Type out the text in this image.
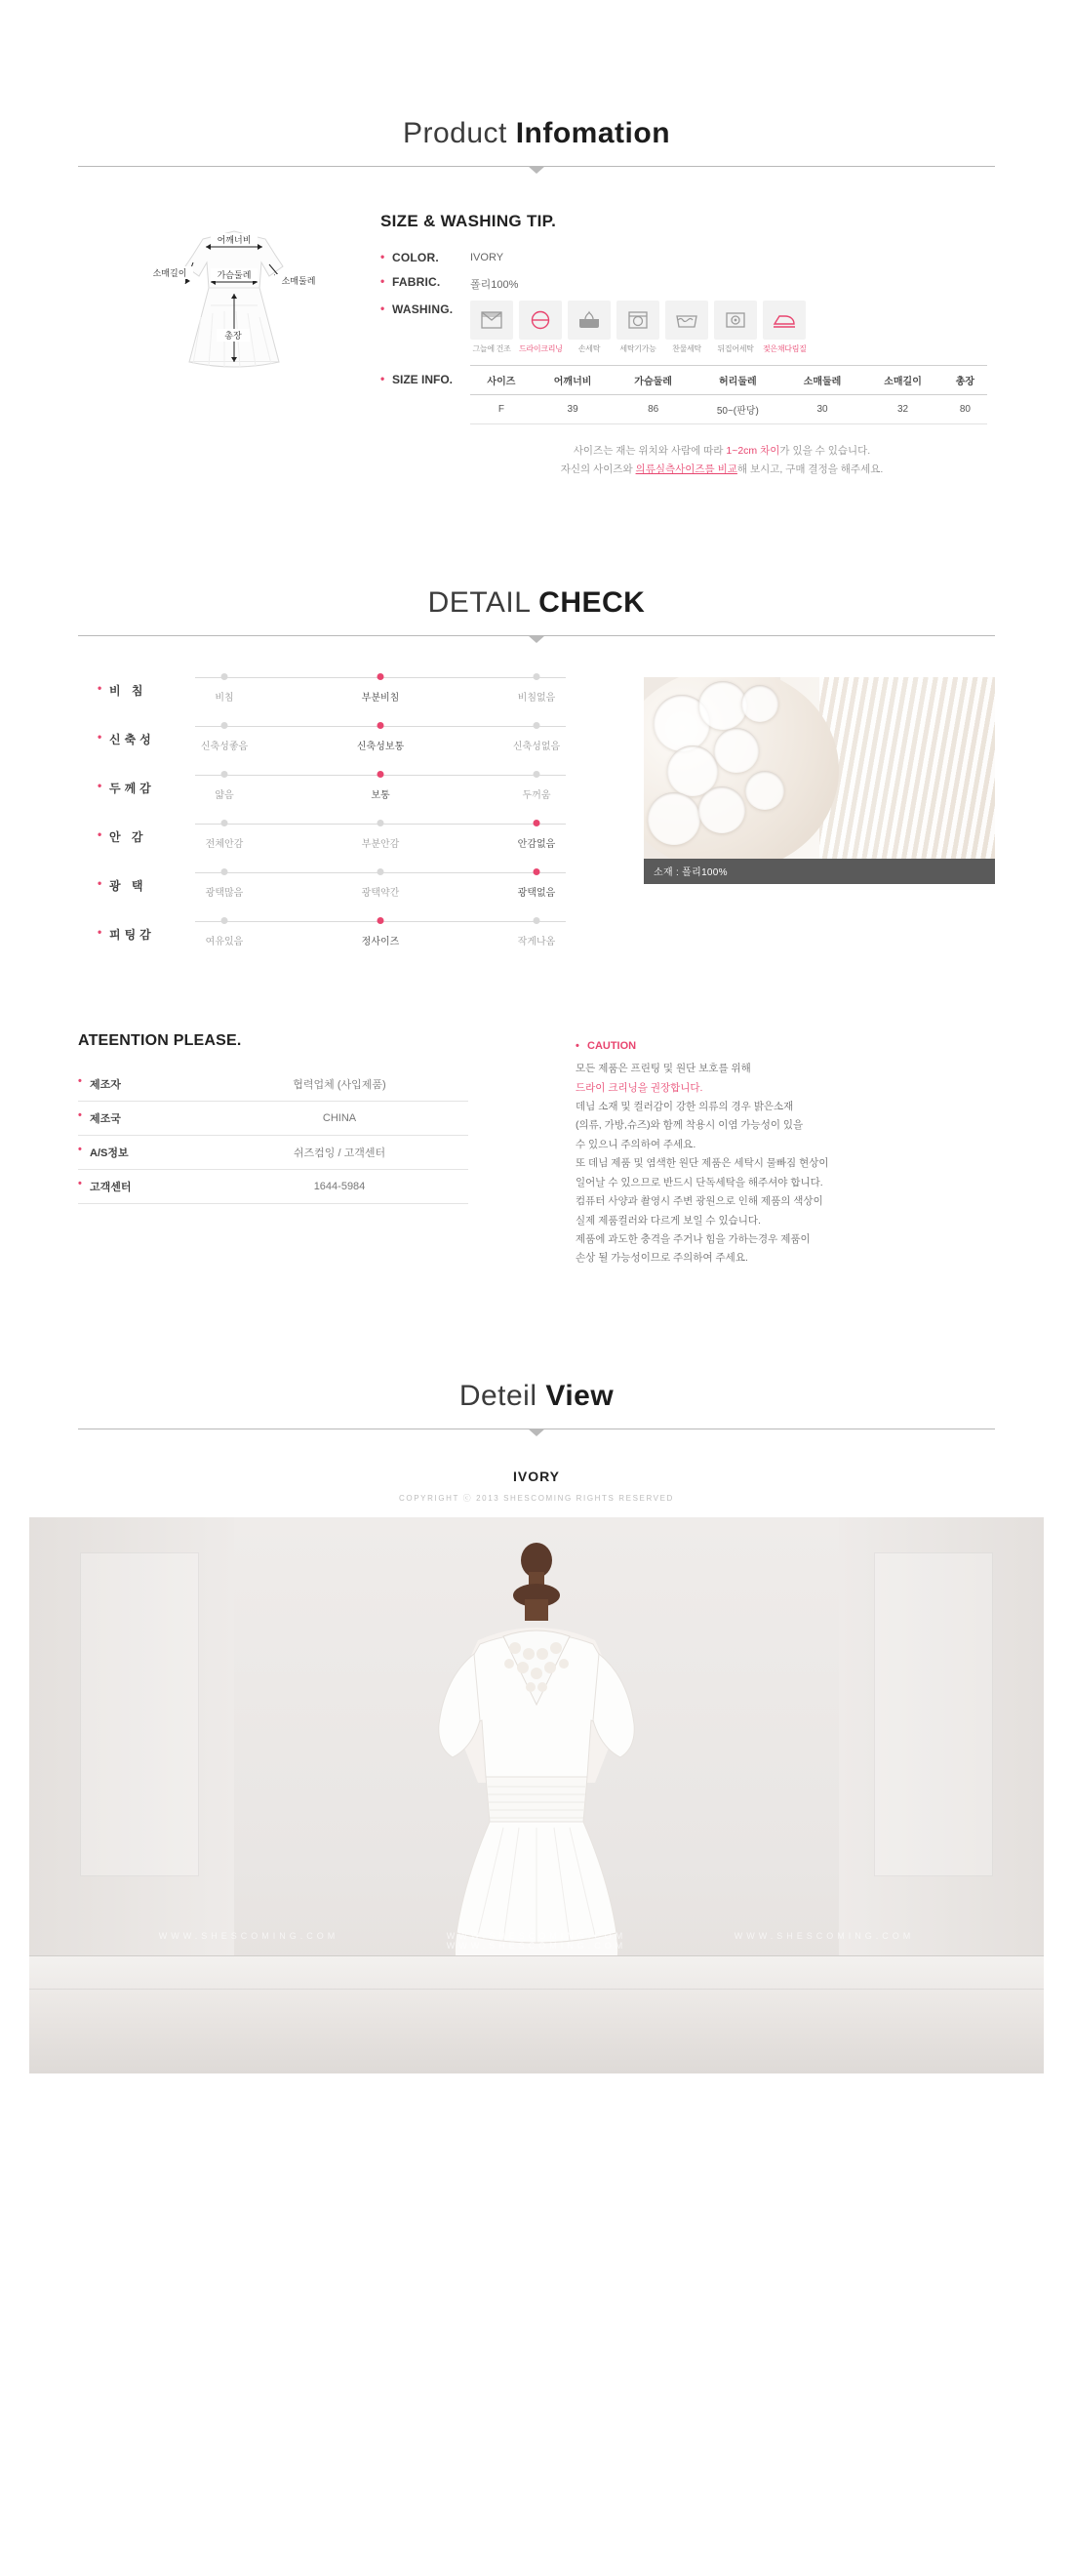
Product Infomation
어깨너비
소매길이	가슴둘레
소매둘레
총장
SIZE & WASHING TIP.
• COLOR.	IVORY
• FABRIC.	폴리100%
• WASHING.
그늘에 건조	드라이크리닝	손세탁	세탁기가능	찬물세탁	뒤집어세탁	젖은채다림질
• SIZE INFO.	사이즈	어깨너비	가슴둘레	허리둘레	소매둘레	소매길이	총장
F	39	86	50~(판당)	30	32	80
사이즈는 재는 위치와 사람에 따라 1~2cm 차이가 있을 수 있습니다.
자신의 사이즈와 의류실측사이즈를 비교해 보시고, 구매 결정을 해주세요.
DETAIL CHECK
• 비 침
비침	부분비침	비침없음
• 신축성
신축성좋음	신축성보통	신축성없음
• 두께감
얇음	보통	두꺼움
• 안 감
전체안감	부분안감	안감없음
• 광 택
광택많음	광택약간	광택없음
• 피팅감
여유있음	정사이즈	작게나옴
소재 : 폴리100%
ATEENTION PLEASE.
• 제조자	협력업체 (사입제품)
• 제조국	CHINA
• A/S정보	쉬즈컴잉 / 고객센터
• 고객센터	1644-5984
• CAUTION
모든 제품은 프린팅 및 원단 보호를 위해
드라이 크리닝을 권장합니다.
데님 소재 및 컬러감이 강한 의류의 경우 밝은소재
(의류, 가방,슈즈)와 함께 착용시 이염 가능성이 있을
수 있으니 주의하여 주세요.
또 데님 제품 및 염색한 원단 제품은 세탁시 물빠짐 현상이
일어날 수 있으므로 반드시 단독세탁을 해주셔야 합니다.
컴퓨터 사양과 촬영시 주변 광원으로 인해 제품의 색상이
실제 제품컬러와 다르게 보일 수 있습니다.
제품에 과도한 충격을 주거나 힘을 가하는경우 제품이
손상 될 가능성이므로 주의하여 주세요.
Deteil View
IVORY
COPYRIGHT ⓒ 2013 SHESCOMING RIGHTS RESERVED
WWW.SHESCOMING.COM	WWW.SHESCOMING.COM	WWW.SHESCOMING.COM WWW.SHESCOMING.COM
